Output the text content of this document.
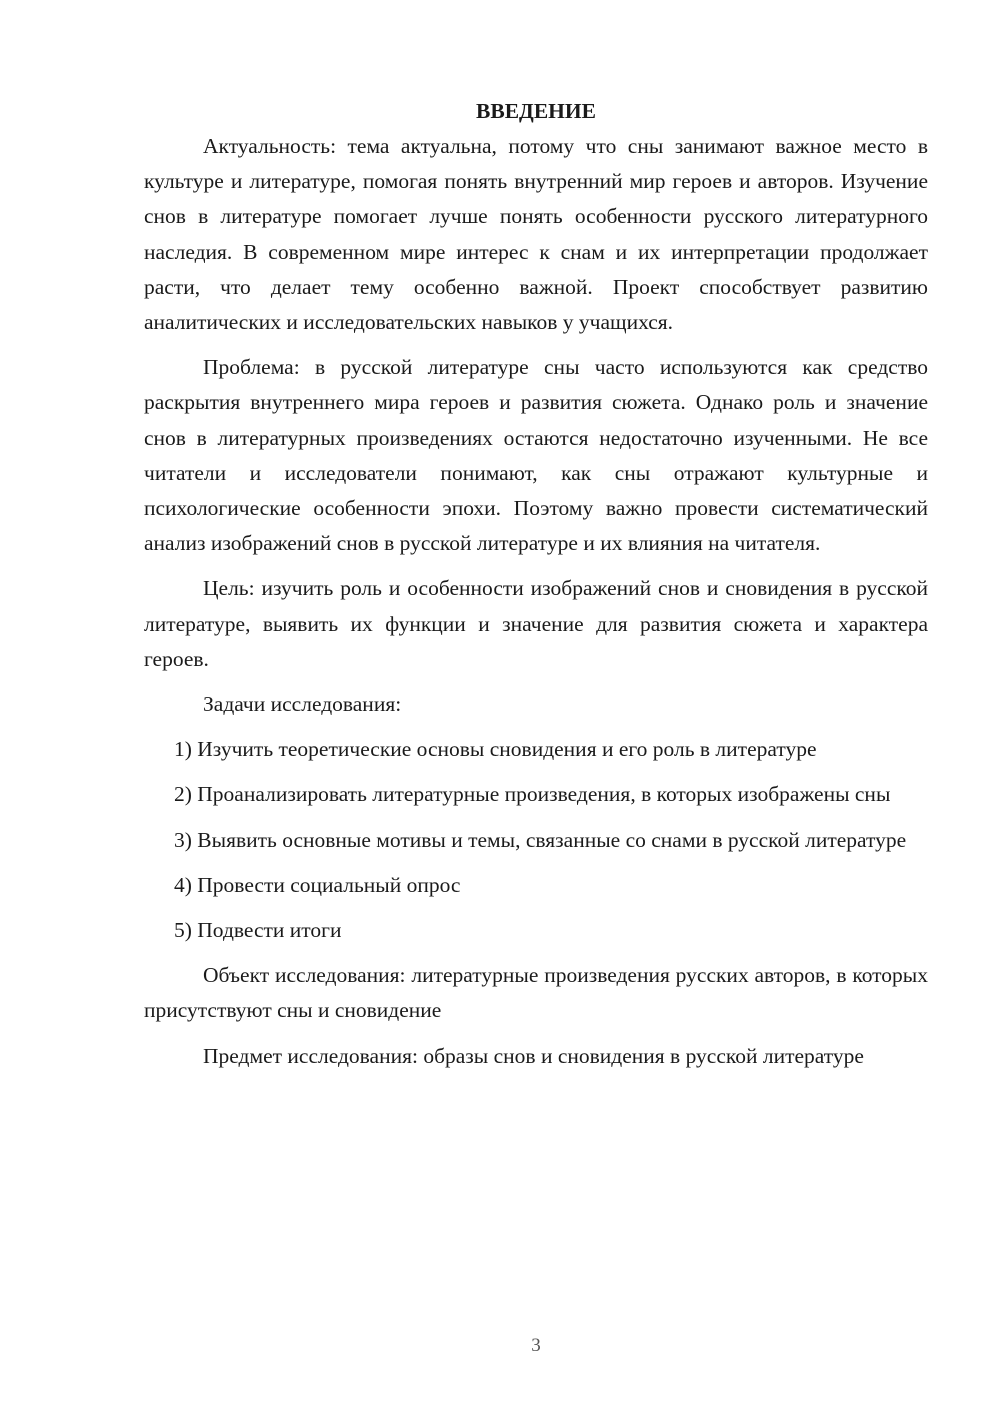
ВВЕДЕНИЕ

Актуальность: тема актуальна, потому что сны занимают важное место в культуре и литературе, помогая понять внутренний мир героев и авторов. Изучение снов в литературе помогает лучше понять особенности русского литературного наследия. В современном мире интерес к снам и их интерпретации продолжает расти, что делает тему особенно важной. Проект способствует развитию аналитических и исследовательских навыков у учащихся.

Проблема: в русской литературе сны часто используются как средство раскрытия внутреннего мира героев и развития сюжета. Однако роль и значение снов в литературных произведениях остаются недостаточно изученными. Не все читатели и исследователи понимают, как сны отражают культурные и психологические особенности эпохи. Поэтому важно провести систематический анализ изображений снов в русской литературе и их влияния на читателя.

Цель: изучить роль и особенности изображений снов и сновидения в русской литературе, выявить их функции и значение для развития сюжета и характера героев.

Задачи исследования:

1) Изучить теоретические основы сновидения и его роль в литературе

2) Проанализировать литературные произведения, в которых изображены сны

3) Выявить основные мотивы и темы, связанные со снами в русской литературе

4) Провести социальный опрос

5) Подвести итоги

Объект исследования: литературные произведения русских авторов, в которых присутствуют сны и сновидение

Предмет исследования: образы снов и сновидения в русской литературе

3
